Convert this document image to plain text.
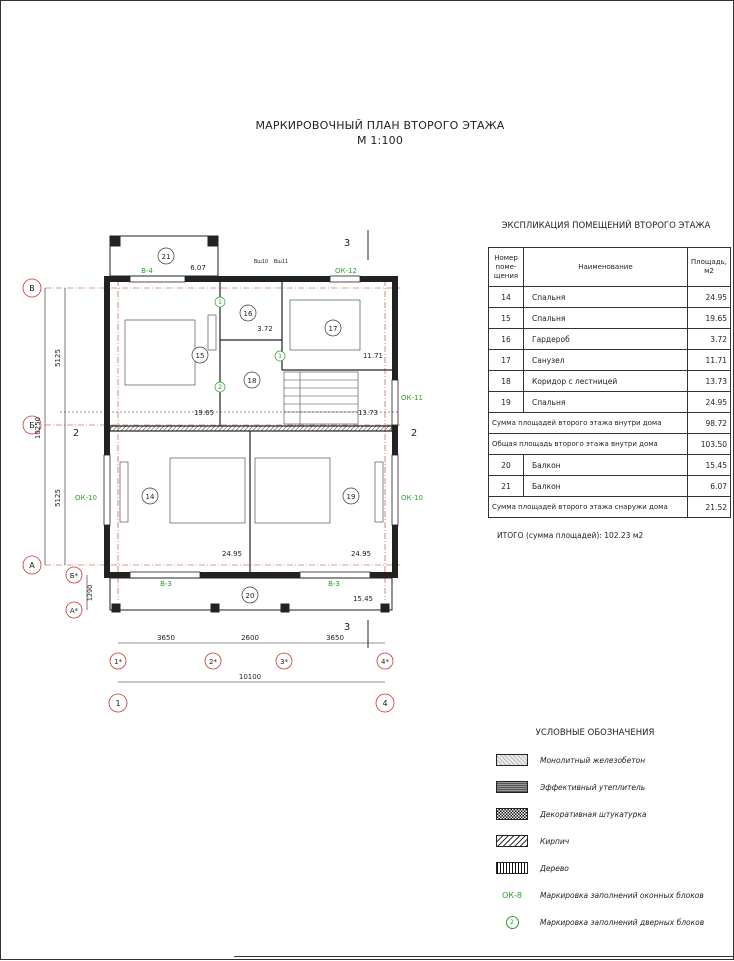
МАРКИРОВОЧНЫЙ ПЛАН ВТОРОГО ЭТАЖА
М 1:100
В
Б
А
Б*
А*
1*	2*	3*	4*
1	4
21
16
17
15
18
14	19
20
6.07
3.72
11.71
19.65	13.73
24.95	24.95
15.45
5125
5125
10250
1290
3650	2600	3650
10100
3
3
2	2
Вш10 Вш11
В-4	ОК-12
ОК-11
ОК-10	ОК-10
В-3	В-3
1
1
2
ЭКСПЛИКАЦИЯ ПОМЕЩЕНИЙ ВТОРОГО ЭТАЖА
Номер поме-щения	Наименование	Площадь, м2
14	Спальня	24.95
15	Спальня	19.65
16	Гардероб	3.72
17	Санузел	11.71
18	Коридор с лестницей	13.73
19	Спальня	24.95
Сумма площадей второго этажа внутри дома		98.72
Общая площадь второго этажа внутри дома		103.50
20	Балкон	15.45
21	Балкон	6.07
Сумма площадей второго этажа снаружи дома		21.52
ИТОГО (сумма площадей): 102.23 м2
УСЛОВНЫЕ ОБОЗНАЧЕНИЯ
Монолитный железобетон
Эффективный утеплитель
Декоративная штукатурка
Кирпич
Дерево
ОК-8	Маркировка заполнений оконных блоков
2	Маркировка заполнений дверных блоков
